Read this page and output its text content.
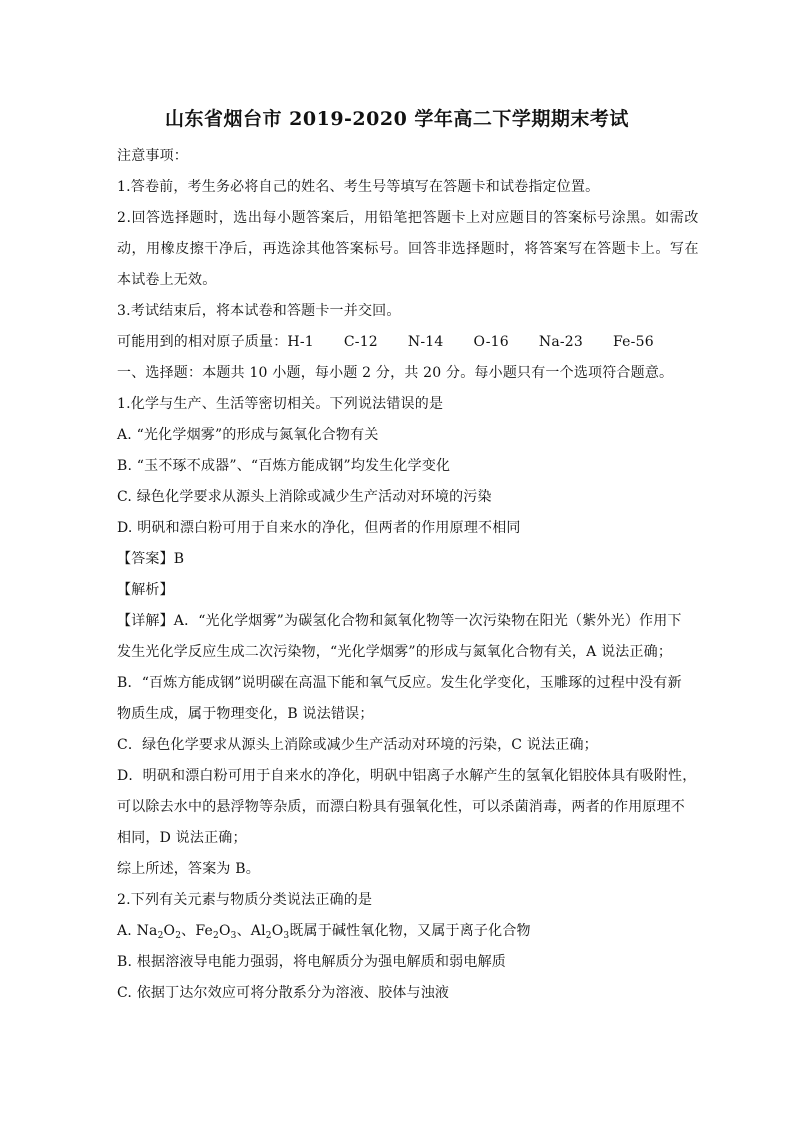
山东省烟台市 2019-2020 学年高二下学期期末考试
注意事项：
1.答卷前，考生务必将自己的姓名、考生号等填写在答题卡和试卷指定位置。
2.回答选择题时，选出每小题答案后，用铅笔把答题卡上对应题目的答案标号涂黑。如需改
动，用橡皮擦干净后，再选涂其他答案标号。回答非选择题时，将答案写在答题卡上。写在
本试卷上无效。
3.考试结束后，将本试卷和答题卡一并交回。
可能用到的相对原子质量：H-1 C-12 N-14 O-16 Na-23 Fe-56
一、选择题：本题共 10 小题，每小题 2 分，共 20 分。每小题只有一个选项符合题意。
1.化学与生产、生活等密切相关。下列说法错误的是
A. “光化学烟雾”的形成与氮氧化合物有关
B. “玉不琢不成器”、“百炼方能成钢”均发生化学变化
C. 绿色化学要求从源头上消除或减少生产活动对环境的污染
D. 明矾和漂白粉可用于自来水的净化，但两者的作用原理不相同
【答案】B
【解析】
【详解】A．“光化学烟雾”为碳氢化合物和氮氧化物等一次污染物在阳光（紫外光）作用下
发生光化学反应生成二次污染物，“光化学烟雾”的形成与氮氧化合物有关，A 说法正确；
B．“百炼方能成钢”说明碳在高温下能和氧气反应。发生化学变化，玉雕琢的过程中没有新
物质生成，属于物理变化，B 说法错误；
C．绿色化学要求从源头上消除或减少生产活动对环境的污染，C 说法正确；
D．明矾和漂白粉可用于自来水的净化，明矾中铝离子水解产生的氢氧化铝胶体具有吸附性，
可以除去水中的悬浮物等杂质，而漂白粉具有强氧化性，可以杀菌消毒，两者的作用原理不
相同，D 说法正确；
综上所述，答案为 B。
2.下列有关元素与物质分类说法正确的是
A. $Na_2O_2$、$Fe_2O_3$、$Al_2O_3$既属于碱性氧化物，又属于离子化合物
B. 根据溶液导电能力强弱，将电解质分为强电解质和弱电解质
C. 依据丁达尔效应可将分散系分为溶液、胶体与浊液
